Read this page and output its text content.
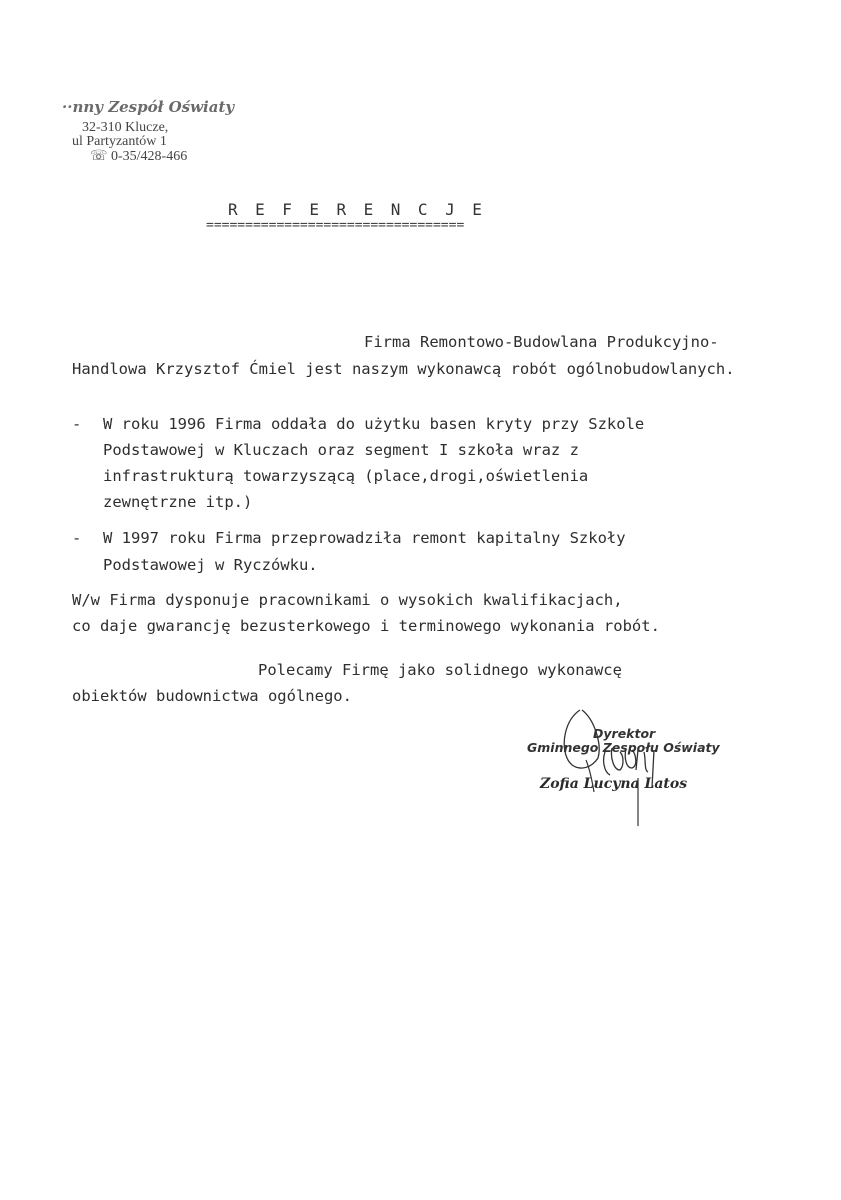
··nny Zespół Oświaty
32-310 Klucze,
ul Partyzantów 1
☏ 0-35/428-466
REFERENCJE
=================================
Firma Remontowo-Budowlana Produkcyjno-
Handlowa Krzysztof Ćmiel jest naszym wykonawcą robót ogólnobudowlanych.
- W roku 1996 Firma oddała do użytku basen kryty przy Szkole
Podstawowej w Kluczach oraz segment I szkoła wraz z
infrastrukturą towarzyszącą (place,drogi,oświetlenia
zewnętrzne itp.)
- W 1997 roku Firma przeprowadziła remont kapitalny Szkoły
Podstawowej w Ryczówku.
W/w Firma dysponuje pracownikami o wysokich kwalifikacjach,
co daje gwarancję bezusterkowego i terminowego wykonania robót.
Polecamy Firmę jako solidnego wykonawcę
obiektów budownictwa ogólnego.
Dyrektor
Gminnego Zespołu Oświaty
Zofia Lucyna Latos
